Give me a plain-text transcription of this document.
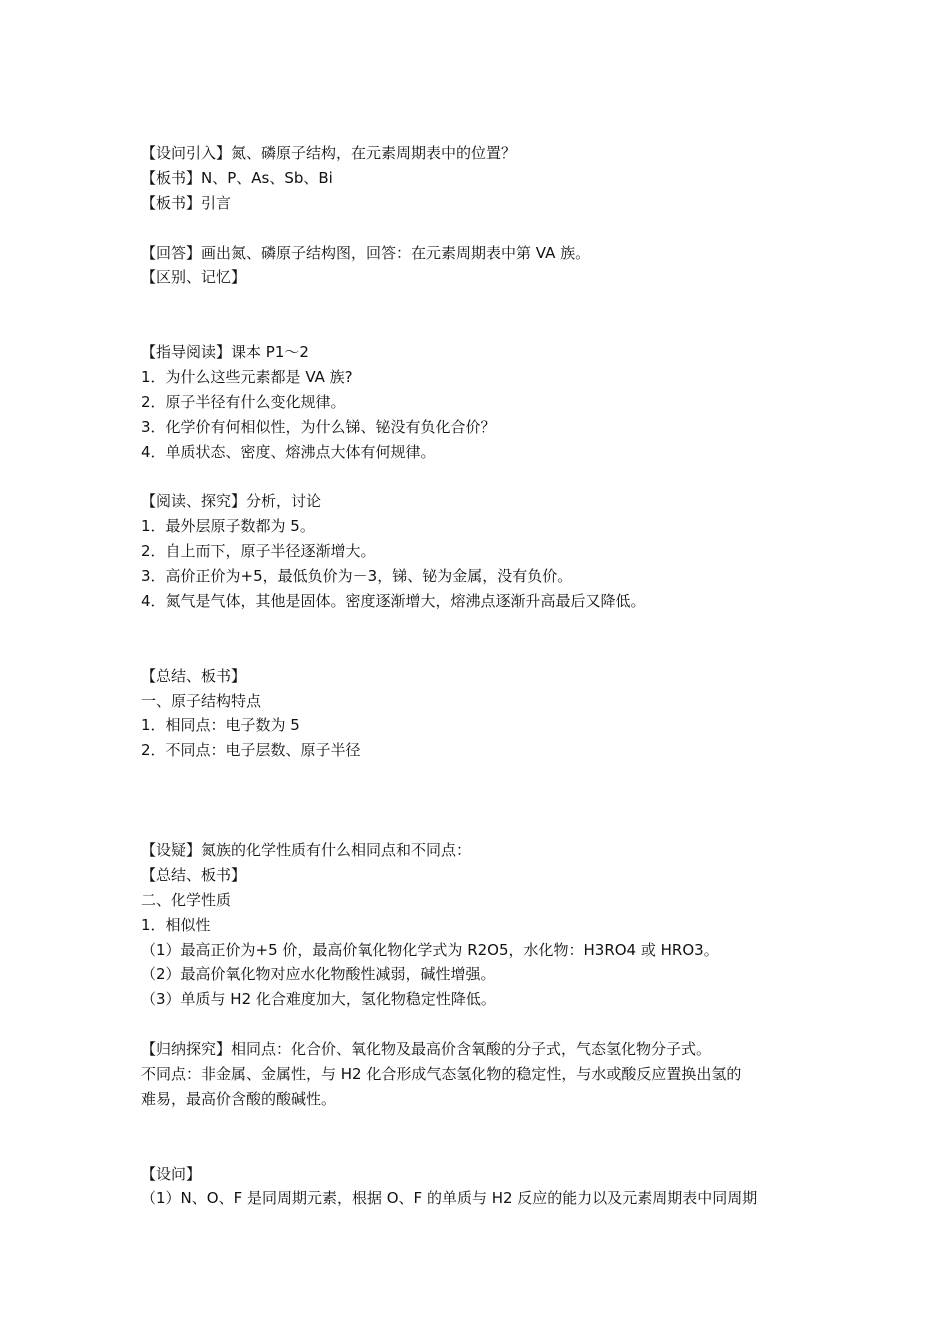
【设问引入】氮、磷原子结构，在元素周期表中的位置？
【板书】N、P、As、Sb、Bi
【板书】引言
【回答】画出氮、磷原子结构图，回答：在元素周期表中第 VA 族。
【区别、记忆】
【指导阅读】课本 P1～2
1．为什么这些元素都是 VA 族?
2．原子半径有什么变化规律。
3．化学价有何相似性，为什么锑、铋没有负化合价？
4．单质状态、密度、熔沸点大体有何规律。
【阅读、探究】分析，讨论
1．最外层原子数都为 5。
2．自上而下，原子半径逐渐增大。
3．高价正价为+5，最低负价为－3，锑、铋为金属，没有负价。
4．氮气是气体，其他是固体。密度逐渐增大，熔沸点逐渐升高最后又降低。
【总结、板书】
一、原子结构特点
1．相同点：电子数为 5
2．不同点：电子层数、原子半径
【设疑】氮族的化学性质有什么相同点和不同点：
【总结、板书】
二、化学性质
1．相似性
（1）最高正价为+5 价，最高价氧化物化学式为 R2O5，水化物：H3RO4 或 HRO3。
（2）最高价氧化物对应水化物酸性减弱，碱性增强。
（3）单质与 H2 化合难度加大，氢化物稳定性降低。
【归纳探究】相同点：化合价、氧化物及最高价含氧酸的分子式，气态氢化物分子式。
不同点：非金属、金属性，与 H2 化合形成气态氢化物的稳定性，与水或酸反应置换出氢的
难易，最高价含酸的酸碱性。
【设问】
（1）N、O、F 是同周期元素，根据 O、F 的单质与 H2 反应的能力以及元素周期表中同周期
